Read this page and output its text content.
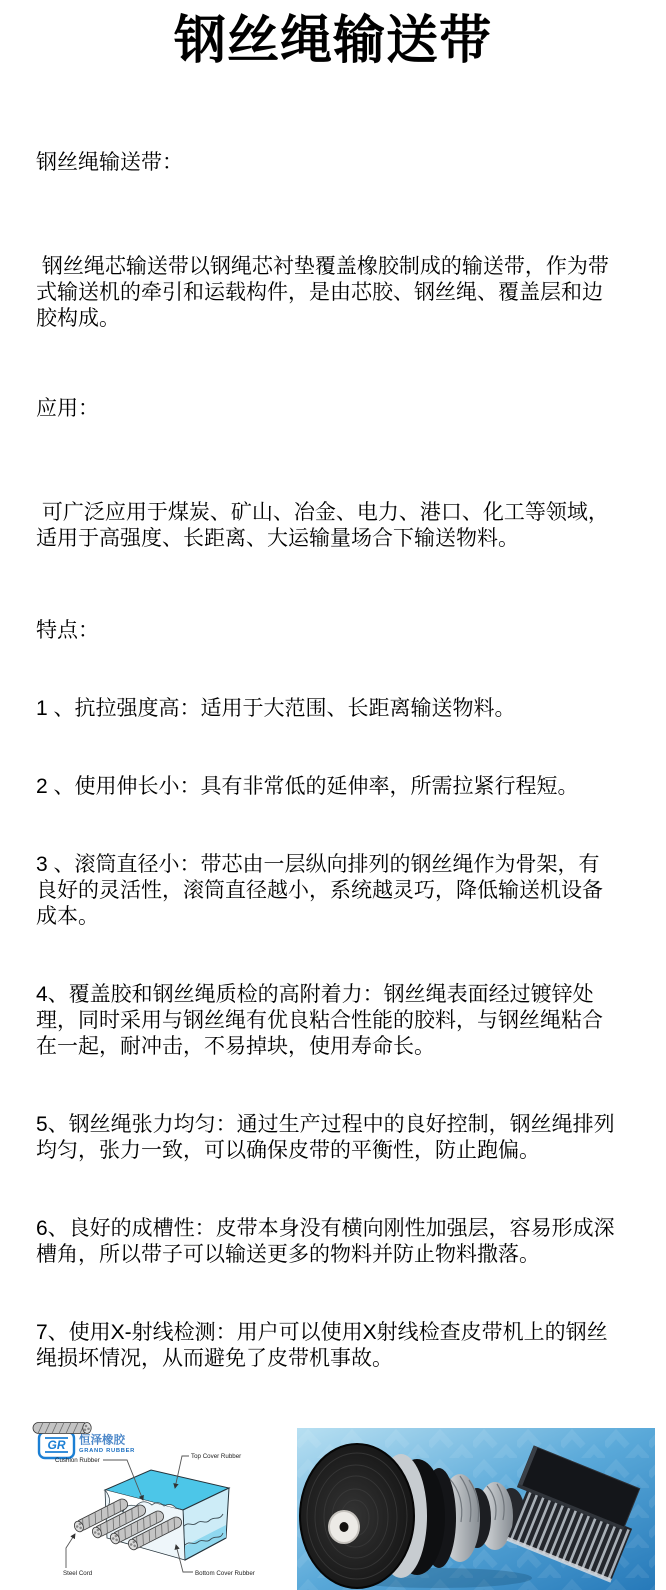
钢丝绳输送带

钢丝绳输送带：

钢丝绳芯输送带以钢绳芯衬垫覆盖橡胶制成的输送带，作为带式输送机的牵引和运载构件，是由芯胶、钢丝绳、覆盖层和边胶构成。

应用：

可广泛应用于煤炭、矿山、冶金、电力、港口、化工等领域，适用于高强度、长距离、大运输量场合下输送物料。

特点：

1 、抗拉强度高：适用于大范围、长距离输送物料。

2 、使用伸长小：具有非常低的延伸率，所需拉紧行程短。

3 、滚筒直径小：带芯由一层纵向排列的钢丝绳作为骨架，有良好的灵活性，滚筒直径越小，系统越灵巧，降低输送机设备成本。

4、覆盖胶和钢丝绳质检的高附着力：钢丝绳表面经过镀锌处理，同时采用与钢丝绳有优良粘合性能的胶料，与钢丝绳粘合在一起，耐冲击，不易掉块，使用寿命长。

5、钢丝绳张力均匀：通过生产过程中的良好控制，钢丝绳排列均匀，张力一致，可以确保皮带的平衡性，防止跑偏。

6、良好的成槽性：皮带本身没有横向刚性加强层，容易形成深槽角，所以带子可以输送更多的物料并防止物料撒落。

7、使用X-射线检测：用户可以使用X射线检查皮带机上的钢丝绳损坏情况，从而避免了皮带机事故。

GR 恒泽橡胶
GRAND RUBBER
Cushion Rubber
Top Cover Rubber
Steel Cord	Bottom Cover Rubber
